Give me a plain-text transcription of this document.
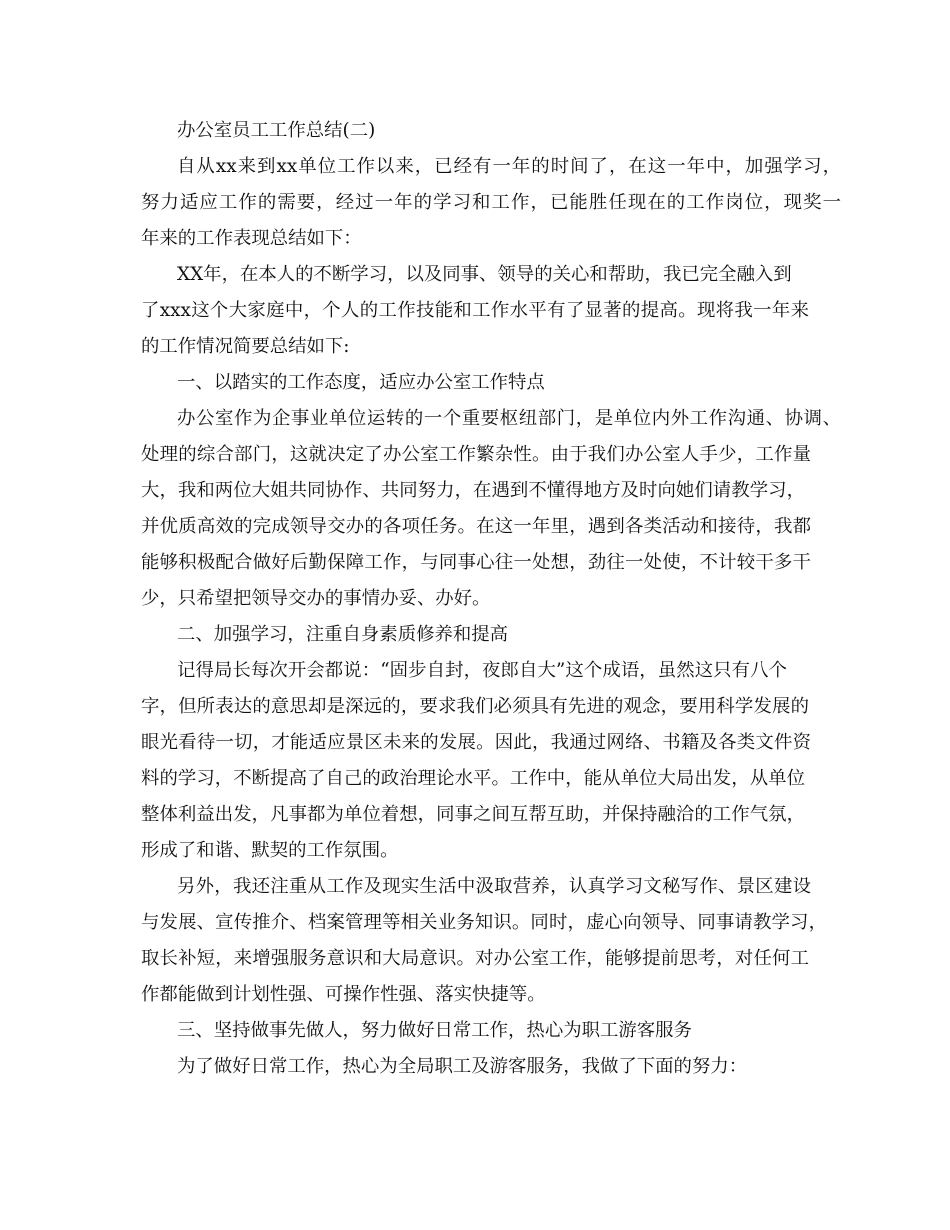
办公室员工工作总结(二)
自从xx来到xx单位工作以来，已经有一年的时间了，在这一年中，加强学习，
努力适应工作的需要，经过一年的学习和工作，已能胜任现在的工作岗位，现奖一
年来的工作表现总结如下：
XX年，在本人的不断学习，以及同事、领导的关心和帮助，我已完全融入到
了xxx这个大家庭中，个人的工作技能和工作水平有了显著的提高。现将我一年来
的工作情况简要总结如下:
一、以踏实的工作态度，适应办公室工作特点
办公室作为企事业单位运转的一个重要枢纽部门，是单位内外工作沟通、协调、
处理的综合部门，这就决定了办公室工作繁杂性。由于我们办公室人手少，工作量
大，我和两位大姐共同协作、共同努力，在遇到不懂得地方及时向她们请教学习，
并优质高效的完成领导交办的各项任务。在这一年里，遇到各类活动和接待，我都
能够积极配合做好后勤保障工作，与同事心往一处想，劲往一处使，不计较干多干
少，只希望把领导交办的事情办妥、办好。
二、加强学习，注重自身素质修养和提高
记得局长每次开会都说：“固步自封，夜郎自大”这个成语，虽然这只有八个
字，但所表达的意思却是深远的，要求我们必须具有先进的观念，要用科学发展的
眼光看待一切，才能适应景区未来的发展。因此，我通过网络、书籍及各类文件资
料的学习，不断提高了自己的政治理论水平。工作中，能从单位大局出发，从单位
整体利益出发，凡事都为单位着想，同事之间互帮互助，并保持融洽的工作气氛，
形成了和谐、默契的工作氛围。
另外，我还注重从工作及现实生活中汲取营养，认真学习文秘写作、景区建设
与发展、宣传推介、档案管理等相关业务知识。同时，虚心向领导、同事请教学习，
取长补短，来增强服务意识和大局意识。对办公室工作，能够提前思考，对任何工
作都能做到计划性强、可操作性强、落实快捷等。
三、坚持做事先做人，努力做好日常工作，热心为职工游客服务
为了做好日常工作，热心为全局职工及游客服务，我做了下面的努力：
